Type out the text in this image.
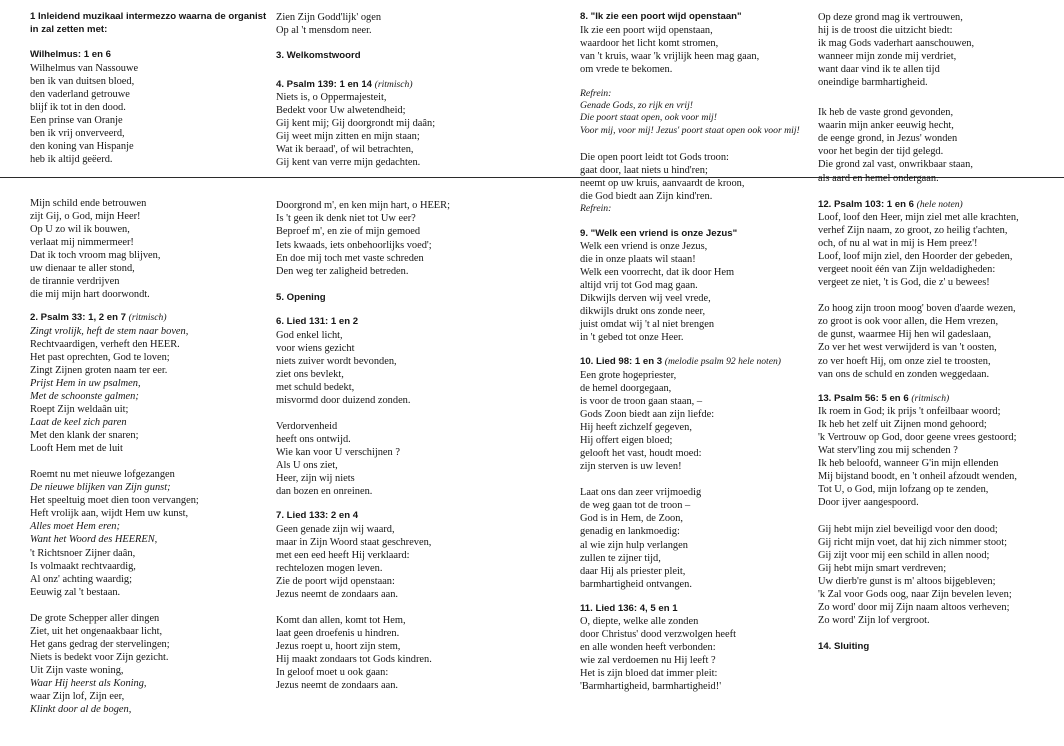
1 Inleidend muzikaal intermezzo waarna de organist in zal zetten met:
Wilhelmus: 1 en 6
Wilhelmus van Nassouwe
ben ik van duitsen bloed,
den vaderland getrouwe
blijf ik tot in den dood.
Een prinse van Oranje
ben ik vrij onverveerd,
den koning van Hispanje
heb ik altijd geëerd.
Mijn schild ende betrouwen
zijt Gij, o God, mijn Heer!
Op U zo wil ik bouwen,
verlaat mij nimmermeer!
Dat ik toch vroom mag blijven,
uw dienaar te aller stond,
de tirannie verdrijven
die mij mijn hart doorwondt.
2. Psalm 33: 1, 2 en 7 (ritmisch)
Zingt vrolijk, heft de stem naar boven,
Rechtvaardigen, verheft den HEER.
Het past oprechten, God te loven;
Zingt Zijnen groten naam ter eer.
Prijst Hem in uw psalmen,
Met de schoonste galmen;
Roept Zijn weldaân uit;
Laat de keel zich paren
Met den klank der snaren;
Looft Hem met de luit
Roemt nu met nieuwe lofgezangen
De nieuwe blijken van Zijn gunst;
Het speeltuig moet dien toon vervangen;
Heft vrolijk aan, wijdt Hem uw kunst,
Alles moet Hem eren;
Want het Woord des HEEREN,
't Richtsnoer Zijner daân,
Is volmaakt rechtvaardig,
Al onz' achting waardig;
Eeuwig zal 't bestaan.
De grote Schepper aller dingen
Ziet, uit het ongenaakbaar licht,
Het gans gedrag der stervelingen;
Niets is bedekt voor Zijn gezicht.
Uit Zijn vaste woning,
Waar Hij heerst als Koning,
waar Zijn lof, Zijn eer,
Klinkt door al de bogen,
Zien Zijn Godd'lijk' ogen
Op al 't mensdom neer.
3. Welkomstwoord
4. Psalm 139: 1 en 14 (ritmisch)
Niets is, o Oppermajesteit,
Bedekt voor Uw alwetendheid;
Gij kent mij; Gij doorgrondt mij daân;
Gij weet mijn zitten en mijn staan;
Wat ik beraad', of wil betrachten,
Gij kent van verre mijn gedachten.
Doorgrond m', en ken mijn hart, o HEER;
Is 't geen ik denk niet tot Uw eer?
Beproef m', en zie of mijn gemoed
Iets kwaads, iets onbehoorlijks voed';
En doe mij toch met vaste schreden
Den weg ter zaligheid betreden.
5. Opening
6. Lied 131: 1 en 2
God enkel licht,
voor wiens gezicht
niets zuiver wordt bevonden,
ziet ons bevlekt,
met schuld bedekt,
misvormd door duizend zonden.
Verdorvenheid
heeft ons ontwijd.
Wie kan voor U verschijnen ?
Als U ons ziet,
Heer, zijn wij niets
dan bozen en onreinen.
7. Lied 133: 2 en 4
Geen genade zijn wij waard,
maar in Zijn Woord staat geschreven,
met een eed heeft Hij verklaard:
rechtelozen mogen leven.
Zie de poort wijd openstaan:
Jezus neemt de zondaars aan.
Komt dan allen, komt tot Hem,
laat geen droefenis u hindren.
Jezus roept u, hoort zijn stem,
Hij maakt zondaars tot Gods kindren.
In geloof moet u ook gaan:
Jezus neemt de zondaars aan.
8. "Ik zie een poort wijd openstaan"
Ik zie een poort wijd openstaan,
waardoor het licht komt stromen,
van 't kruis, waar 'k vrijlijk heen mag gaan,
om vrede te bekomen.
Refrein:
Genade Gods, zo rijk en vrij!
Die poort staat open, ook voor mij!
Voor mij, voor mij! Jezus' poort staat open ook voor mij!
Die open poort leidt tot Gods troon:
gaat door, laat niets u hind'ren;
neemt op uw kruis, aanvaardt de kroon,
die God biedt aan Zijn kind'ren.
Refrein:
9. "Welk een vriend is onze Jezus"
Welk een vriend is onze Jezus,
die in onze plaats wil staan!
Welk een voorrecht, dat ik door Hem
altijd vrij tot God mag gaan.
Dikwijls derven wij veel vrede,
dikwijls drukt ons zonde neer,
juist omdat wij 't al niet brengen
in 't gebed tot onze Heer.
10. Lied 98: 1 en 3 (melodie psalm 92 hele noten)
Een grote hogepriester,
de hemel doorgegaan,
is voor de troon gaan staan, –
Gods Zoon biedt aan zijn liefde:
Hij heeft zichzelf gegeven,
Hij offert eigen bloed;
gelooft het vast, houdt moed:
zijn sterven is uw leven!
Laat ons dan zeer vrijmoedig
de weg gaan tot de troon –
God is in Hem, de Zoon,
genadig en lankmoedig:
al wie zijn hulp verlangen
zullen te zijner tijd,
daar Hij als priester pleit,
barmhartigheid ontvangen.
11. Lied 136: 4, 5 en 1
O, diepte, welke alle zonden
door Christus' dood verzwolgen heeft
en alle wonden heeft verbonden:
wie zal verdoemen nu Hij leeft ?
Het is zijn bloed dat immer pleit:
'Barmhartigheid, barmhartigheid!'
Op deze grond mag ik vertrouwen,
hij is de troost die uitzicht biedt:
ik mag Gods vaderhart aanschouwen,
wanneer mijn zonde mij verdriet,
want daar vind ik te allen tijd
oneindige barmhartigheid.
Ik heb de vaste grond gevonden,
waarin mijn anker eeuwig hecht,
de eenge grond, in Jezus' wonden
voor het begin der tijd gelegd.
Die grond zal vast, onwrikbaar staan,
als aard en hemel ondergaan.
12. Psalm 103: 1 en 6 (hele noten)
Loof, loof den Heer, mijn ziel met alle krachten,
verhef Zijn naam, zo groot, zo heilig t'achten,
och, of nu al wat in mij is Hem preez'!
Loof, loof mijn ziel, den Hoorder der gebeden,
vergeet nooit één van Zijn weldadigheden:
vergeet ze niet, 't is God, die z' u bewees!
Zo hoog zijn troon moog' boven d'aarde wezen,
zo groot is ook voor allen, die Hem vrezen,
de gunst, waarmee Hij hen wil gadeslaan,
Zo ver het west verwijderd is van 't oosten,
zo ver hoeft Hij, om onze ziel te troosten,
van ons de schuld en zonden weggedaan.
13. Psalm 56: 5 en 6 (ritmisch)
Ik roem in God; ik prijs 't onfeilbaar woord;
Ik heb het zelf uit Zijnen mond gehoord;
'k Vertrouw op God, door geene vrees gestoord;
Wat sterv'ling zou mij schenden ?
Ik heb beloofd, wanneer G'in mijn ellenden
Mij bijstand boodt, en 't onheil afzoudt wenden,
Tot U, o God, mijn lofzang op te zenden,
Door ijver aangespoord.
Gij hebt mijn ziel beveiligd voor den dood;
Gij richt mijn voet, dat hij zich nimmer stoot;
Gij zijt voor mij een schild in allen nood;
Gij hebt mijn smart verdreven;
Uw dierb're gunst is m' altoos bijgebleven;
'k Zal voor Gods oog, naar Zijn bevelen leven;
Zo word' door mij Zijn naam altoos verheven;
Zo word' Zijn lof vergroot.
14. Sluiting
